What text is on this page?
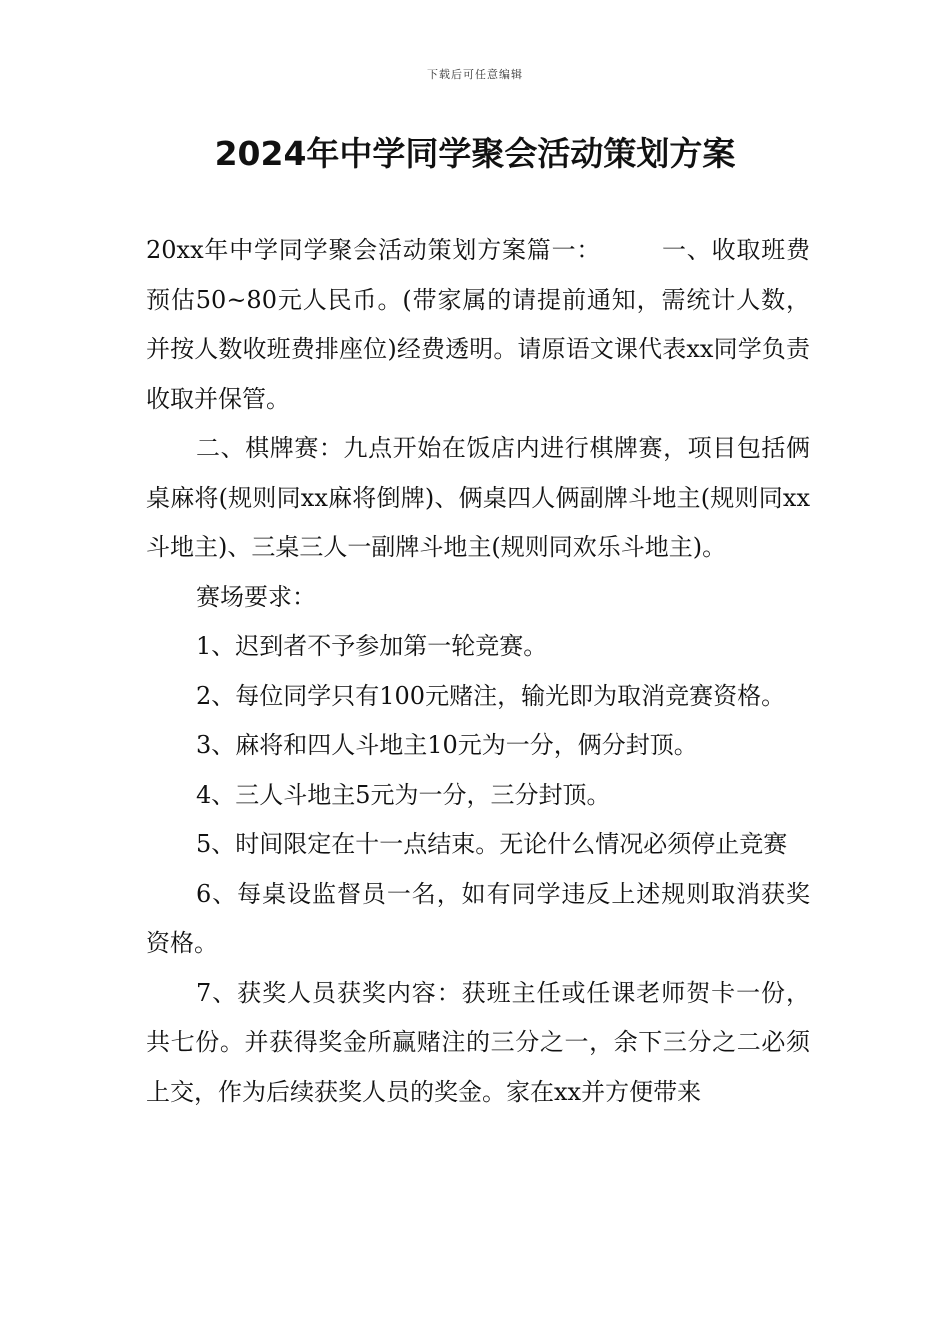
下载后可任意编辑
2024年中学同学聚会活动策划方案

20xx年中学同学聚会活动策划方案篇一：	一、收取班费预估50~80元人民币。(带家属的请提前通知，需统计人数，并按人数收班费排座位)经费透明。请原语文课代表xx同学负责收取并保管。

二、棋牌赛：九点开始在饭店内进行棋牌赛，项目包括俩桌麻将(规则同xx麻将倒牌)、俩桌四人俩副牌斗地主(规则同xx斗地主)、三桌三人一副牌斗地主(规则同欢乐斗地主)。

赛场要求：

1、迟到者不予参加第一轮竞赛。

2、每位同学只有100元赌注，输光即为取消竞赛资格。

3、麻将和四人斗地主10元为一分，俩分封顶。

4、三人斗地主5元为一分，三分封顶。

5、时间限定在十一点结束。无论什么情况必须停止竞赛

6、每桌设监督员一名，如有同学违反上述规则取消获奖资格。

7、获奖人员获奖内容：获班主任或任课老师贺卡一份，共七份。并获得奖金所赢赌注的三分之一，余下三分之二必须上交，作为后续获奖人员的奖金。家在xx并方便带来
